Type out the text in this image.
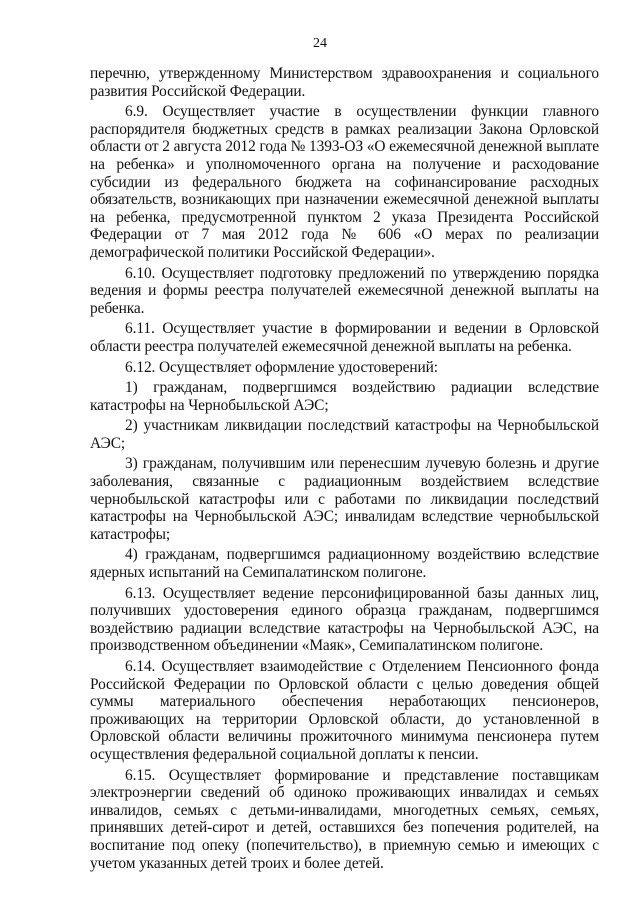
24

перечню, утвержденному Министерством здравоохранения и социального развития Российской Федерации.

6.9. Осуществляет участие в осуществлении функции главного распорядителя бюджетных средств в рамках реализации Закона Орловской области от 2 августа 2012 года № 1393-ОЗ «О ежемесячной денежной выплате на ребенка» и уполномоченного органа на получение и расходование субсидии из федерального бюджета на софинансирование расходных обязательств, возникающих при назначении ежемесячной денежной выплаты на ребенка, предусмотренной пунктом 2 указа Президента Российской Федерации от 7 мая 2012 года № 606 «О мерах по реализации демографической политики Российской Федерации».

6.10. Осуществляет подготовку предложений по утверждению порядка ведения и формы реестра получателей ежемесячной денежной выплаты на ребенка.

6.11. Осуществляет участие в формировании и ведении в Орловской области реестра получателей ежемесячной денежной выплаты на ребенка.

6.12. Осуществляет оформление удостоверений:

1) гражданам, подвергшимся воздействию радиации вследствие катастрофы на Чернобыльской АЭС;

2) участникам ликвидации последствий катастрофы на Чернобыльской АЭС;

3) гражданам, получившим или перенесшим лучевую болезнь и другие заболевания, связанные с радиационным воздействием вследствие чернобыльской катастрофы или с работами по ликвидации последствий катастрофы на Чернобыльской АЭС; инвалидам вследствие чернобыльской катастрофы;

4) гражданам, подвергшимся радиационному воздействию вследствие ядерных испытаний на Семипалатинском полигоне.

6.13. Осуществляет ведение персонифицированной базы данных лиц, получивших удостоверения единого образца гражданам, подвергшимся воздействию радиации вследствие катастрофы на Чернобыльской АЭС, на производственном объединении «Маяк», Семипалатинском полигоне.

6.14. Осуществляет взаимодействие с Отделением Пенсионного фонда Российской Федерации по Орловской области с целью доведения общей суммы материального обеспечения неработающих пенсионеров, проживающих на территории Орловской области, до установленной в Орловской области величины прожиточного минимума пенсионера путем осуществления федеральной социальной доплаты к пенсии.

6.15. Осуществляет формирование и представление поставщикам электроэнергии сведений об одиноко проживающих инвалидах и семьях инвалидов, семьях с детьми-инвалидами, многодетных семьях, семьях, принявших детей-сирот и детей, оставшихся без попечения родителей, на воспитание под опеку (попечительство), в приемную семью и имеющих с учетом указанных детей троих и более детей.
